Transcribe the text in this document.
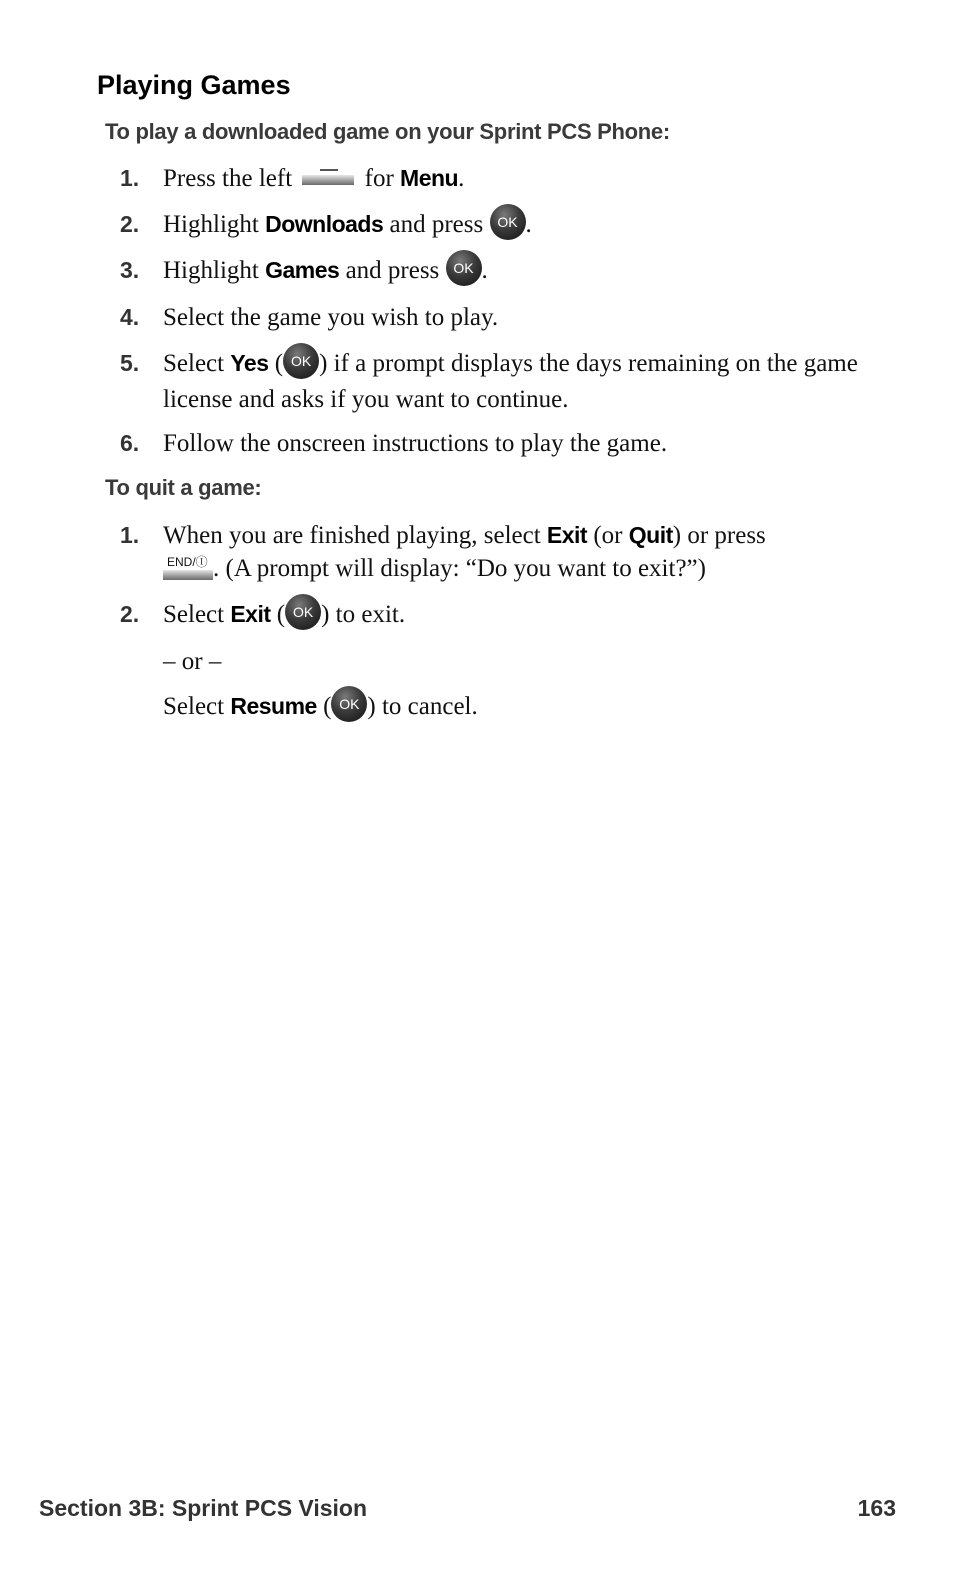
Playing Games

To play a downloaded game on your Sprint PCS Phone:

1. Press the left
for Menu.
2. Highlight Downloads and press OK .
3. Highlight Games and press OK .
4. Select the game you wish to play.
5. Select Yes ( OK ) if a prompt displays the days remaining on the game license and asks if you want to continue.
6. Follow the onscreen instructions to play the game.

To quit a game:

1. When you are finished playing, select Exit (or Quit) or press

END/Ⓘ . (A prompt will display: “Do you want to exit?”)
2. Select Exit ( OK ) to exit.
– or –
Select Resume ( OK ) to cancel.
Section 3B: Sprint PCS Vision	163
